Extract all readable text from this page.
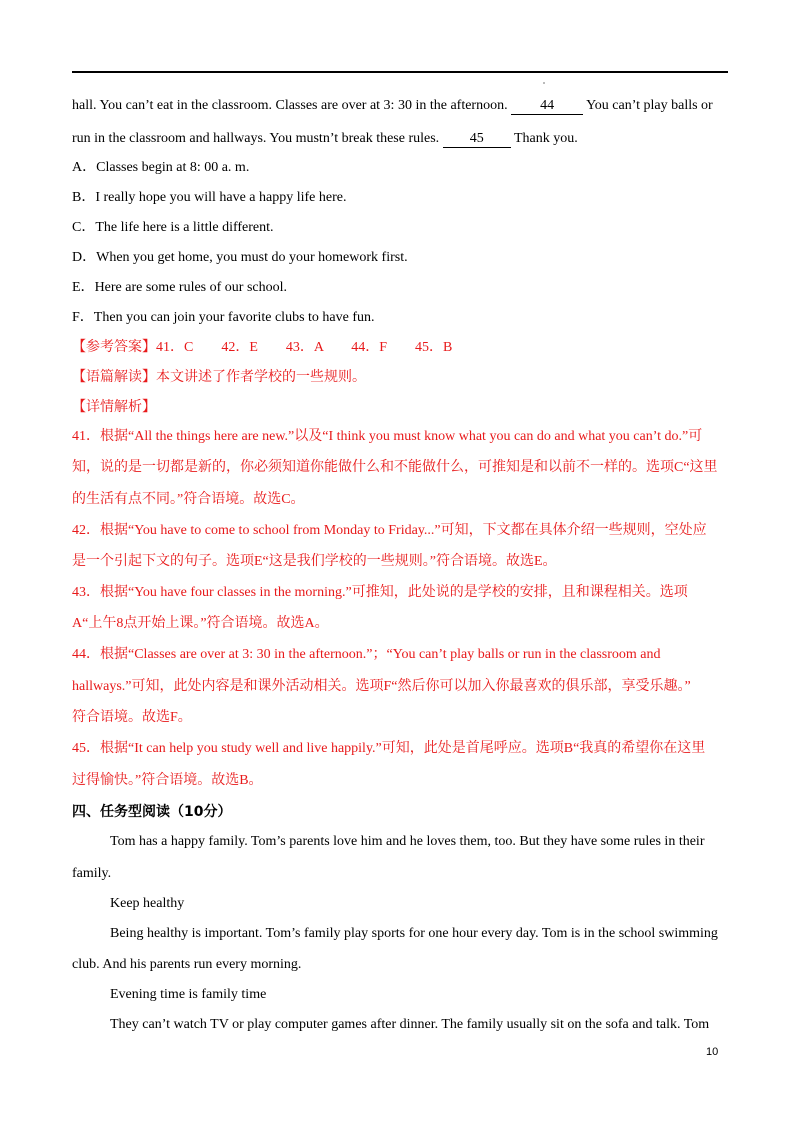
hall. You can’t eat in the classroom. Classes are over at 3: 30 in the afternoon. 44 You can’t play balls or
run in the classroom and hallways. You mustn’t break these rules. 45 Thank you.
A．Classes begin at 8: 00 a. m.
B．I really hope you will have a happy life here.
C．The life here is a little different.
D．When you get home, you must do your homework first.
E．Here are some rules of our school.
F．Then you can join your favorite clubs to have fun.
【参考答案】41．C　　42．E　　43．A　　44．F　　45．B
【语篇解读】本文讲述了作者学校的一些规则。
【详情解析】
41．根据“All the things here are new.”以及“I think you must know what you can do and what you can’t do.”可
知，说的是一切都是新的，你必须知道你能做什么和不能做什么，可推知是和以前不一样的。选项C“这里
的生活有点不同。”符合语境。故选C。
42．根据“You have to come to school from Monday to Friday...”可知，下文都在具体介绍一些规则，空处应
是一个引起下文的句子。选项E“这是我们学校的一些规则。”符合语境。故选E。
43．根据“You have four classes in the morning.”可推知，此处说的是学校的安排，且和课程相关。选项
A“上午8点开始上课。”符合语境。故选A。
44．根据“Classes are over at 3: 30 in the afternoon.”；“You can’t play balls or run in the classroom and
hallways.”可知，此处内容是和课外活动相关。选项F“然后你可以加入你最喜欢的俱乐部，享受乐趣。”
符合语境。故选F。
45．根据“It can help you study well and live happily.”可知，此处是首尾呼应。选项B“我真的希望你在这里
过得愉快。”符合语境。故选B。
四、任务型阅读（10分）
Tom has a happy family. Tom’s parents love him and he loves them, too. But they have some rules in their
family.
Keep healthy
Being healthy is important. Tom’s family play sports for one hour every day. Tom is in the school swimming
club. And his parents run every morning.
Evening time is family time
They can’t watch TV or play computer games after dinner. The family usually sit on the sofa and talk. Tom
10
